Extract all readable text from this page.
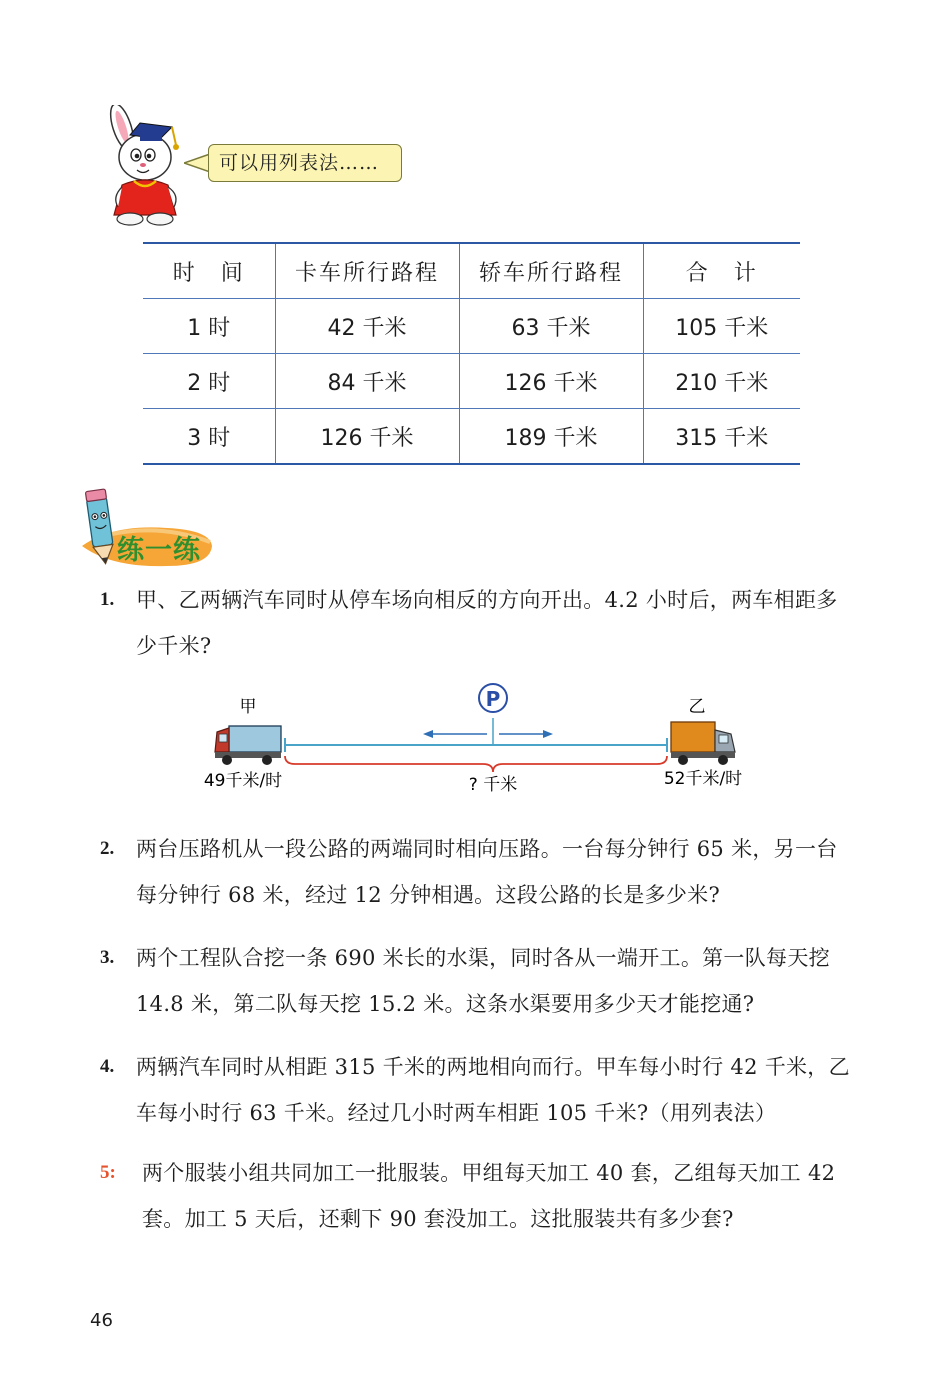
可以用列表法……
时　间	卡车所行路程	轿车所行路程	合　计
1 时	42 千米	63 千米	105 千米
2 时	84 千米	126 千米	210 千米
3 时	126 千米	189 千米	315 千米
练一练
1. 甲、乙两辆汽车同时从停车场向相反的方向开出。4.2 小时后，两车相距多少千米?
甲	乙
P
49千米/时	? 千米	52千米/时
2. 两台压路机从一段公路的两端同时相向压路。一台每分钟行 65 米，另一台每分钟行 68 米，经过 12 分钟相遇。这段公路的长是多少米?
3. 两个工程队合挖一条 690 米长的水渠，同时各从一端开工。第一队每天挖 14.8 米，第二队每天挖 15.2 米。这条水渠要用多少天才能挖通?
4. 两辆汽车同时从相距 315 千米的两地相向而行。甲车每小时行 42 千米，乙车每小时行 63 千米。经过几小时两车相距 105 千米?（用列表法）
5: 两个服装小组共同加工一批服装。甲组每天加工 40 套，乙组每天加工 42 套。加工 5 天后，还剩下 90 套没加工。这批服装共有多少套?
46
